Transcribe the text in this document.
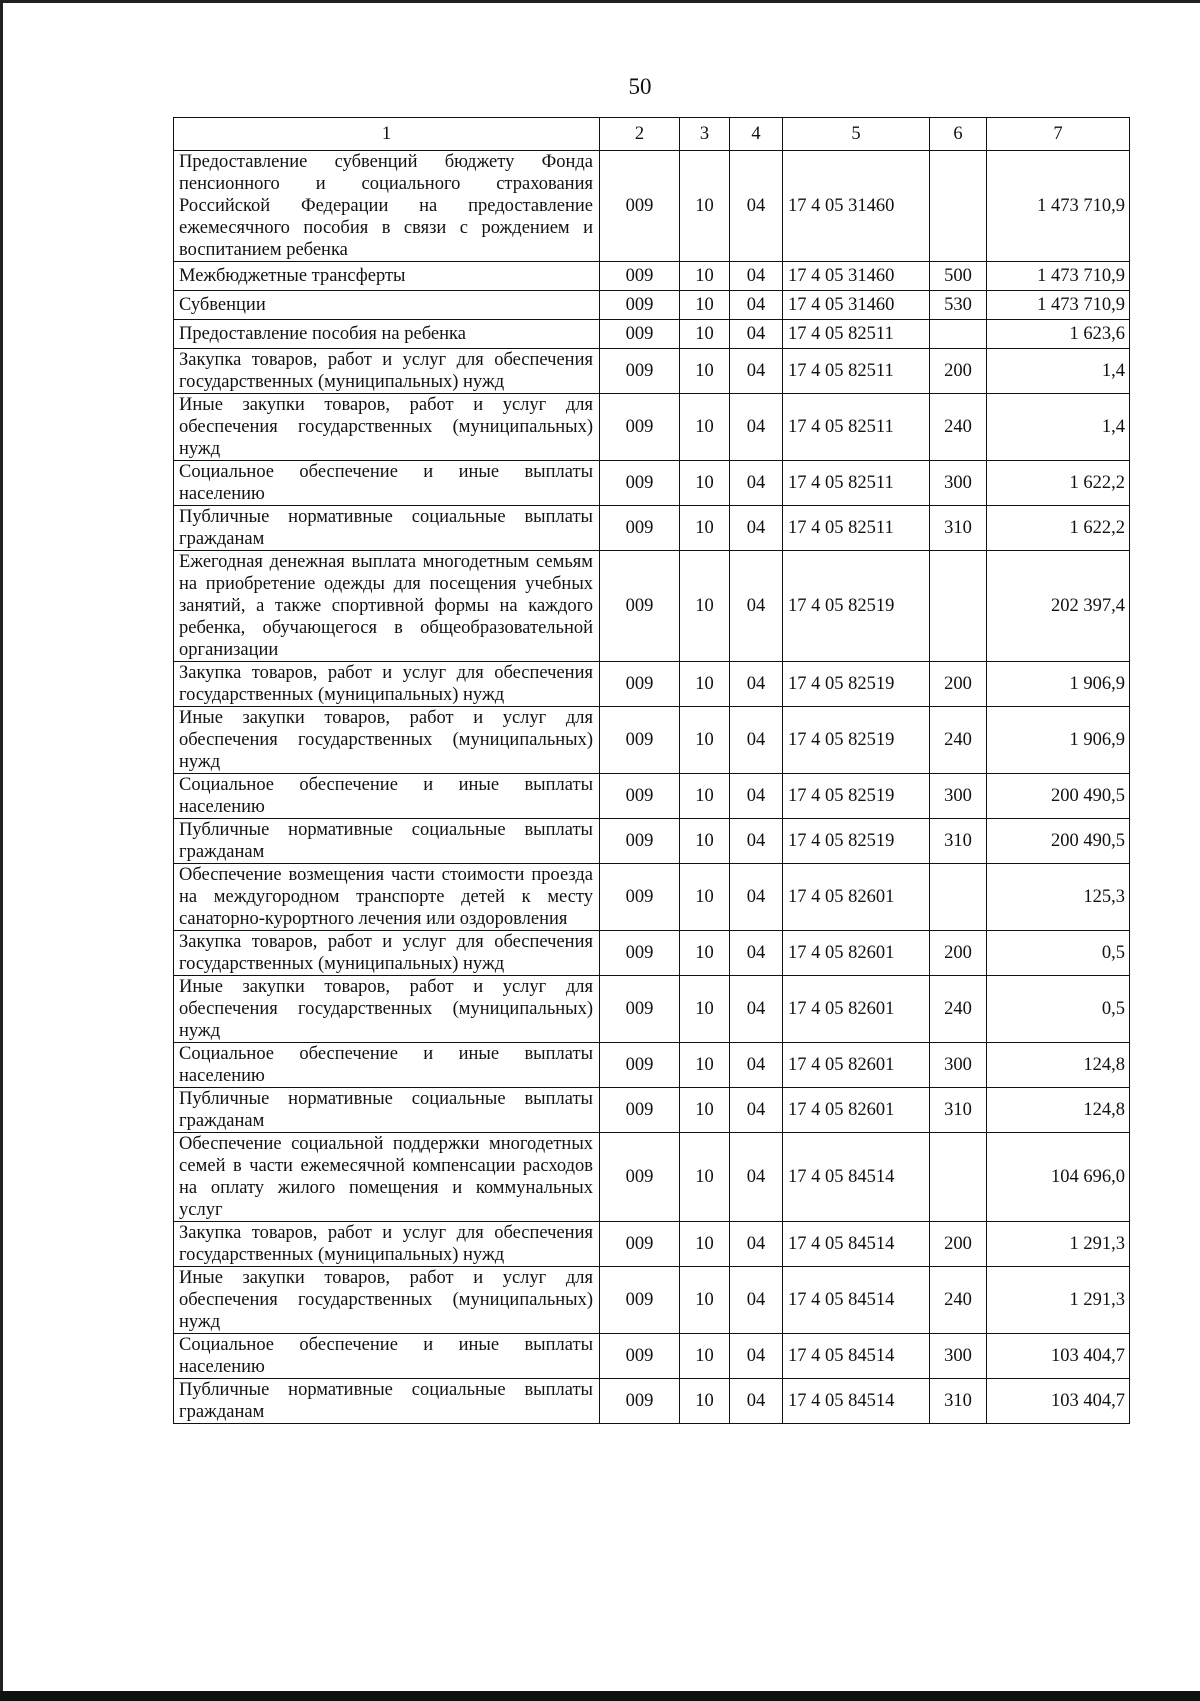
50
1	2	3	4	5	6	7
Предоставление субвенций бюджету Фонда пенсионного и социального страхования Российской Федерации на предоставление ежемесячного пособия в связи с рождением и воспитанием ребенка	009	10	04	17 4 05 31460		1 473 710,9
Межбюджетные трансферты	009	10	04	17 4 05 31460	500	1 473 710,9
Субвенции	009	10	04	17 4 05 31460	530	1 473 710,9
Предоставление пособия на ребенка	009	10	04	17 4 05 82511		1 623,6
Закупка товаров, работ и услуг для обеспечения государственных (муниципальных) нужд	009	10	04	17 4 05 82511	200	1,4
Иные закупки товаров, работ и услуг для обеспечения государственных (муниципальных) нужд	009	10	04	17 4 05 82511	240	1,4
Социальное обеспечение и иные выплаты населению	009	10	04	17 4 05 82511	300	1 622,2
Публичные нормативные социальные выплаты гражданам	009	10	04	17 4 05 82511	310	1 622,2
Ежегодная денежная выплата многодетным семьям на приобретение одежды для посещения учебных занятий, а также спортивной формы на каждого ребенка, обучающегося в общеобразовательной организации	009	10	04	17 4 05 82519		202 397,4
Закупка товаров, работ и услуг для обеспечения государственных (муниципальных) нужд	009	10	04	17 4 05 82519	200	1 906,9
Иные закупки товаров, работ и услуг для обеспечения государственных (муниципальных) нужд	009	10	04	17 4 05 82519	240	1 906,9
Социальное обеспечение и иные выплаты населению	009	10	04	17 4 05 82519	300	200 490,5
Публичные нормативные социальные выплаты гражданам	009	10	04	17 4 05 82519	310	200 490,5
Обеспечение возмещения части стоимости проезда на междугородном транспорте детей к месту санаторно-курортного лечения или оздоровления	009	10	04	17 4 05 82601		125,3
Закупка товаров, работ и услуг для обеспечения государственных (муниципальных) нужд	009	10	04	17 4 05 82601	200	0,5
Иные закупки товаров, работ и услуг для обеспечения государственных (муниципальных) нужд	009	10	04	17 4 05 82601	240	0,5
Социальное обеспечение и иные выплаты населению	009	10	04	17 4 05 82601	300	124,8
Публичные нормативные социальные выплаты гражданам	009	10	04	17 4 05 82601	310	124,8
Обеспечение социальной поддержки многодетных семей в части ежемесячной компенсации расходов на оплату жилого помещения и коммунальных услуг	009	10	04	17 4 05 84514		104 696,0
Закупка товаров, работ и услуг для обеспечения государственных (муниципальных) нужд	009	10	04	17 4 05 84514	200	1 291,3
Иные закупки товаров, работ и услуг для обеспечения государственных (муниципальных) нужд	009	10	04	17 4 05 84514	240	1 291,3
Социальное обеспечение и иные выплаты населению	009	10	04	17 4 05 84514	300	103 404,7
Публичные нормативные социальные выплаты гражданам	009	10	04	17 4 05 84514	310	103 404,7
